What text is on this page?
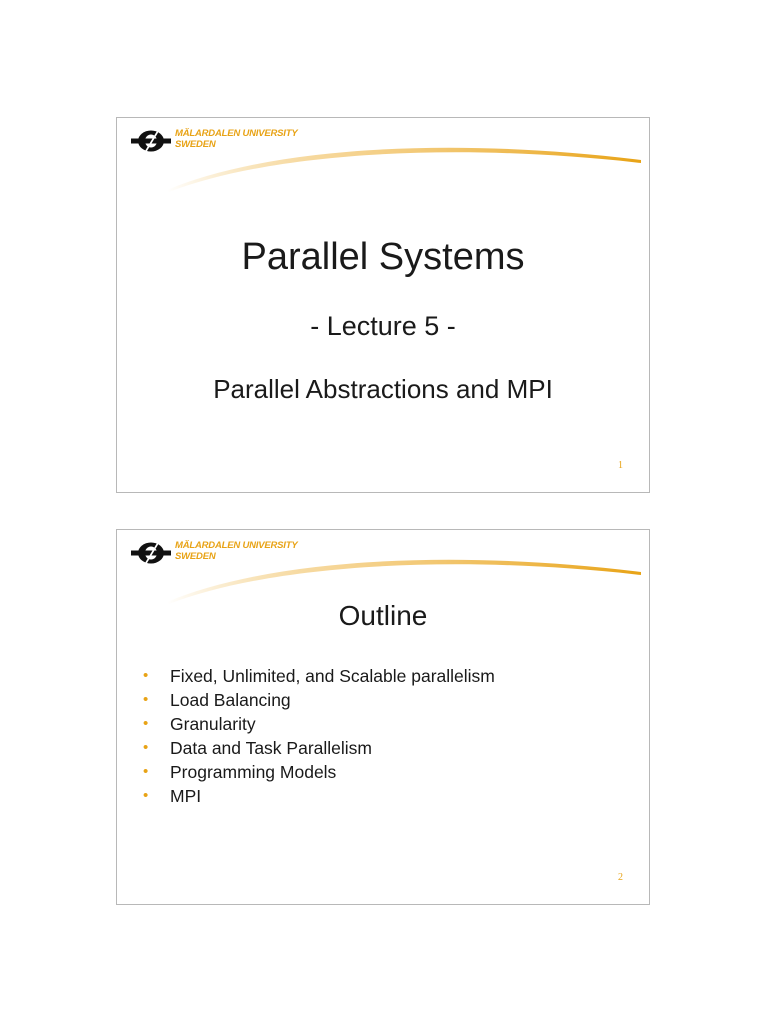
MÄLARDALEN UNIVERSITY
SWEDEN
Parallel Systems
- Lecture 5 -
Parallel Abstractions and MPI
1
MÄLARDALEN UNIVERSITY
SWEDEN
Outline
• Fixed, Unlimited, and Scalable parallelism
• Load Balancing
• Granularity
• Data and Task Parallelism
• Programming Models
• MPI
2
